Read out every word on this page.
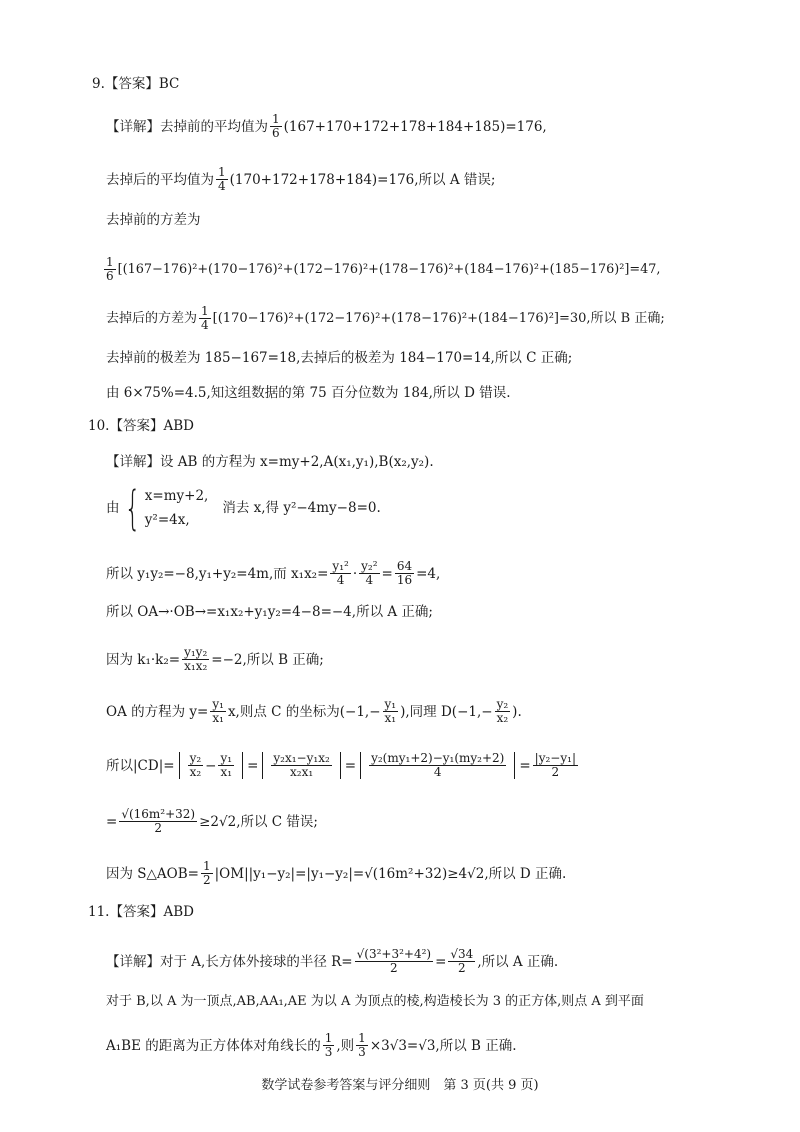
9.【答案】BC
【详解】去掉前的平均值为 $\frac{1}{6} (167+170+172+178+184+185)=176$,
去掉后的平均值为 $\frac{1}{4} (170+172+178+184)=176$,所以 A 错误;
去掉前的方差为
$\frac{1}{6} [(167-176)^2+(170-176)^2+(172-176)^2+(178-176)^2+(184-176)^2+(185-176)^2]=47$,
去掉后的方差为 $\frac{1}{4} [(170-176)^2+(172-176)^2+(178-176)^2+(184-176)^2]=30$,所以 B 正确;
去掉前的极差为 185−167=18,去掉后的极差为 184−170=14,所以 C 正确;
由 6×75%=4.5,知这组数据的第 75 百分位数为 184,所以 D 错误.
10.【答案】ABD
【详解】设 AB 的方程为 x=my+2,A(x₁,y₁),B(x₂,y₂).
由 { x=my+2,
y²=4x,
消去 x,得 y²−4my−8=0.
所以 y₁y₂=−8,y₁+y₂=4m,而 $x_1x_2= \frac{\text{y₁²}}{4} \cdot \frac{\text{y₂²}}{4} = \frac{64}{16} =4$,
所以 OA→·OB→=x₁x₂+y₁y₂=4−8=−4,所以 A 正确;
因为 $k_1\cdot k_2= \frac{\text{y₁y₂}}{\text{x₁x₂}} =-2$,所以 B 正确;
OA 的方程为 $y= \frac{\text{y₁}}{\text{x₁}} x$,则点 C 的坐标为($-1,- \frac{\text{y₁}}{\text{x₁}}$ ),同理 $D(-1,- \frac{\text{y₂}}{\text{x₂}}$ ).
所以$|CD|= \frac{\text{y₂}}{\text{x₂}} - \frac{\text{y₁}}{\text{x₁}} = \frac{\text{y₂x₁−y₁x₂}}{\text{x₂x₁}} = \frac{\text{y₂(my₁+2)−y₁(my₂+2)}}{4} = \frac{\text{|y₂−y₁|}}{2}$
= $\frac{\text{√(16m²+32)}}{2} \ge 2√2$,所以 C 错误;
因为 S△AOB= $\frac{1}{2} |OM||y_1-y_2|=|y_1-y_2|=√(16m^2+32)\ge 4√2$,所以 D 正确.
11.【答案】ABD
【详解】对于 A,长方体外接球的半径 $R= \frac{\text{√(3²+3²+4²)}}{2} = \frac{√34}{2}$ ,所以 A 正确.
对于 B,以 A 为一顶点,AB,AA₁,AE 为以 A 为顶点的棱,构造棱长为 3 的正方体,则点 A 到平面
A₁BE 的距离为正方体体对角线长的 $\frac{1}{3}$ ,则 $\frac{1}{3} \times 3√3=√3$,所以 B 正确.
数学试卷参考答案与评分细则　第 3 页(共 9 页)
